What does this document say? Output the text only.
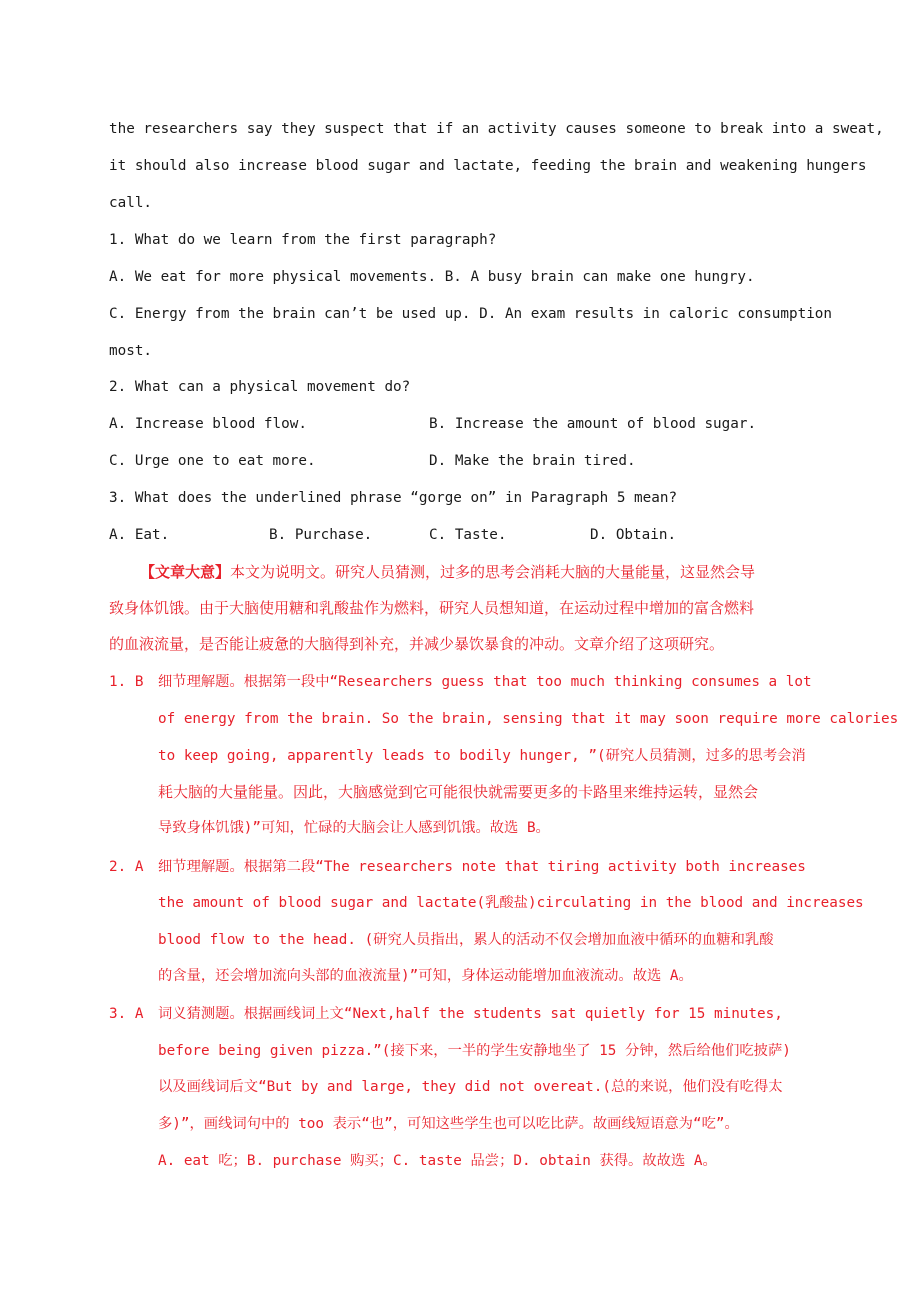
the researchers say they suspect that if an activity causes someone to break into a sweat,
it should also increase blood sugar and lactate, feeding the brain and weakening hungers
call.
1. What do we learn from the first paragraph?
A. We eat for more physical movements. B. A busy brain can make one hungry.
C. Energy from the brain can’t be used up. D. An exam results in caloric consumption
most.
2. What can a physical movement do?
A. Increase blood flow.	B. Increase the amount of blood sugar.
C. Urge one to eat more.	D. Make the brain tired.
3. What does the underlined phrase “gorge on” in Paragraph 5 mean?
A. Eat.	B. Purchase.	C. Taste.	D. Obtain.
【文章大意】本文为说明文。研究人员猜测，过多的思考会消耗大脑的大量能量，这显然会导
致身体饥饿。由于大脑使用糖和乳酸盐作为燃料，研究人员想知道，在运动过程中增加的富含燃料
的血液流量，是否能让疲惫的大脑得到补充，并减少暴饮暴食的冲动。文章介绍了这项研究。
1. B 细节理解题。根据第一段中“Researchers guess that too much thinking consumes a lot
of energy from the brain. So the brain, sensing that it may soon require more calories
to keep going, apparently leads to bodily hunger, ”(研究人员猜测，过多的思考会消
耗大脑的大量能量。因此，大脑感觉到它可能很快就需要更多的卡路里来维持运转，显然会
导致身体饥饿)”可知，忙碌的大脑会让人感到饥饿。故选 B。
2. A 细节理解题。根据第二段“The researchers note that tiring activity both increases
the amount of blood sugar and lactate(乳酸盐)circulating in the blood and increases
blood flow to the head. (研究人员指出，累人的活动不仅会增加血液中循环的血糖和乳酸
的含量，还会增加流向头部的血液流量)”可知，身体运动能增加血液流动。故选 A。
3. A 词义猜测题。根据画线词上文“Next,half the students sat quietly for 15 minutes,
before being given pizza.”(接下来，一半的学生安静地坐了 15 分钟，然后给他们吃披萨)
以及画线词后文“But by and large, they did not overeat.(总的来说，他们没有吃得太
多)”，画线词句中的 too 表示“也”，可知这些学生也可以吃比萨。故画线短语意为“吃”。
A. eat 吃；B. purchase 购买；C. taste 品尝；D. obtain 获得。故故选 A。
